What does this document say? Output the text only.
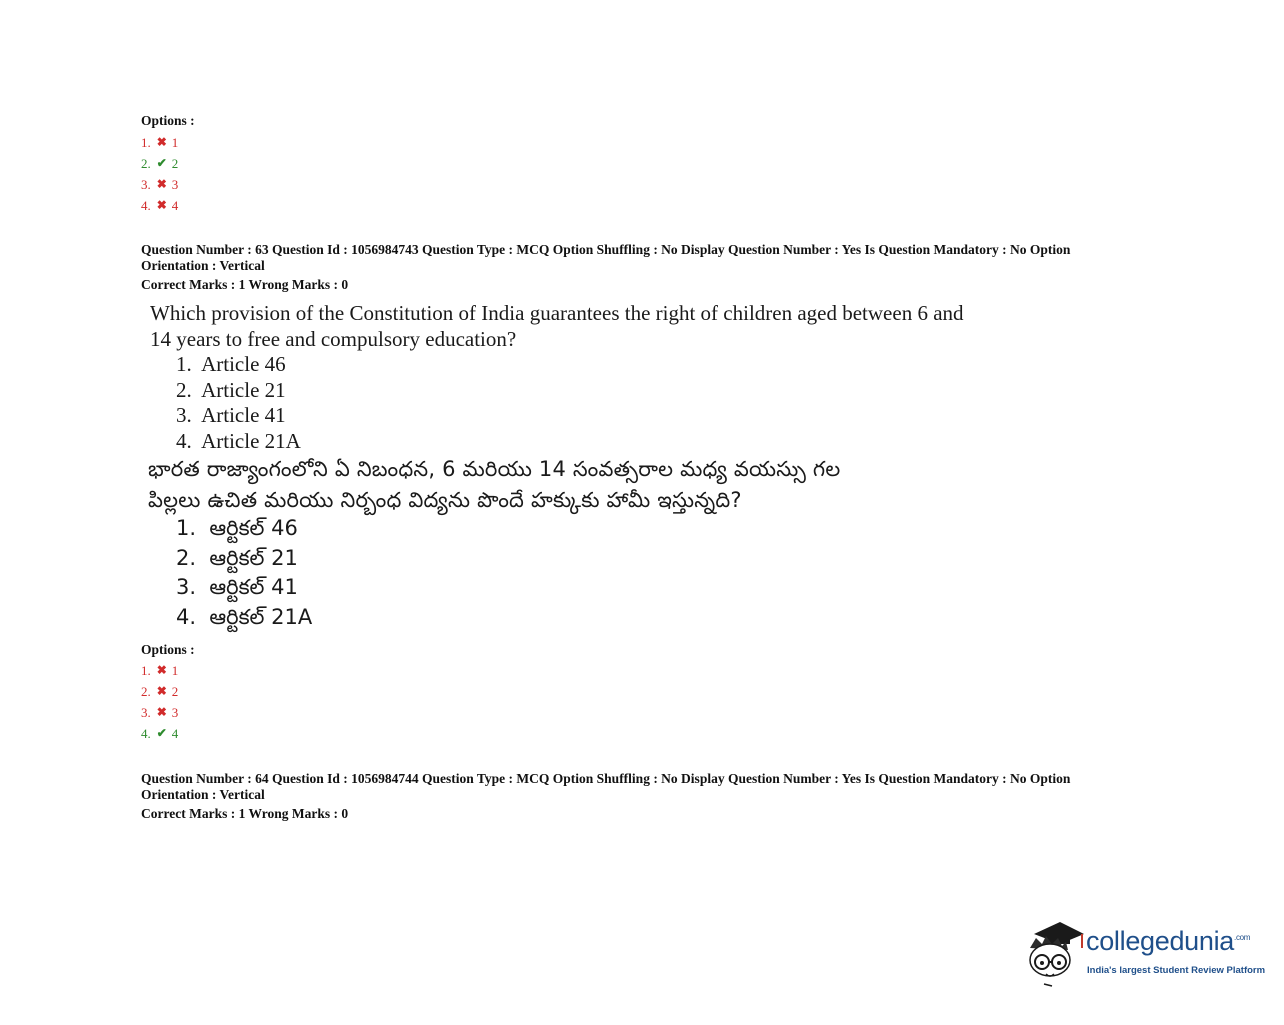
Options :
1. ✖ 1
2. ✔ 2
3. ✖ 3
4. ✖ 4
Question Number : 63 Question Id : 1056984743 Question Type : MCQ Option Shuffling : No Display Question Number : Yes Is Question Mandatory : No Option
Orientation : Vertical
Correct Marks : 1 Wrong Marks : 0
Which provision of the Constitution of India guarantees the right of children aged between 6 and
14 years to free and compulsory education?
1.  Article 46
2.  Article 21
3.  Article 41
4.  Article 21A
భారత రాజ్యాంగంలోని ఏ నిబంధన, 6 మరియు 14 సంవత్సరాల మధ్య వయస్సు గల
పిల్లలు ఉచిత మరియు నిర్బంధ విద్యను పొందే హక్కుకు హామీ ఇస్తున్నది?
1.  ఆర్టికల్ 46
2.  ఆర్టికల్ 21
3.  ఆర్టికల్ 41
4.  ఆర్టికల్ 21A
Options :
1. ✖ 1
2. ✖ 2
3. ✖ 3
4. ✔ 4
Question Number : 64 Question Id : 1056984744 Question Type : MCQ Option Shuffling : No Display Question Number : Yes Is Question Mandatory : No Option
Orientation : Vertical
Correct Marks : 1 Wrong Marks : 0
collegedunia$^{.com}$
India's largest Student Review Platform
